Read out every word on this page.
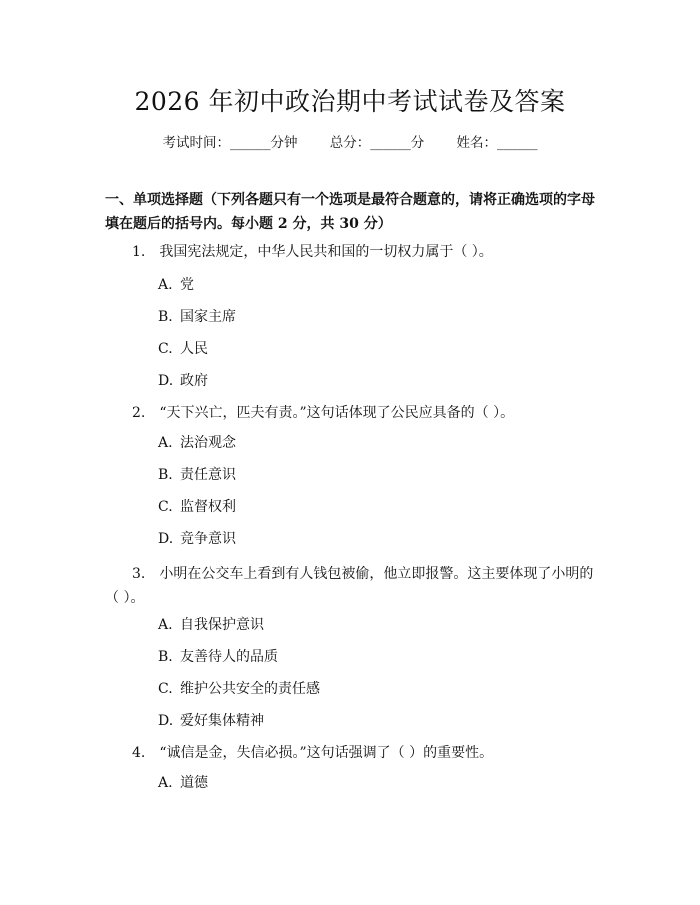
2026 年初中政治期中考试试卷及答案
考试时间：______分钟 总分：______分 姓名：______
一、单项选择题（下列各题只有一个选项是最符合题意的，请将正确选项的字母填在题后的括号内。每小题 2 分，共 30 分）
1.　我国宪法规定，中华人民共和国的一切权力属于（ ）。
A. 党
B. 国家主席
C. 人民
D. 政府
2.　“天下兴亡，匹夫有责。”这句话体现了公民应具备的（ ）。
A. 法治观念
B. 责任意识
C. 监督权利
D. 竞争意识
3.　小明在公交车上看到有人钱包被偷，他立即报警。这主要体现了小明的（ ）。
A. 自我保护意识
B. 友善待人的品质
C. 维护公共安全的责任感
D. 爱好集体精神
4.　“诚信是金，失信必损。”这句话强调了（ ）的重要性。
A. 道德
